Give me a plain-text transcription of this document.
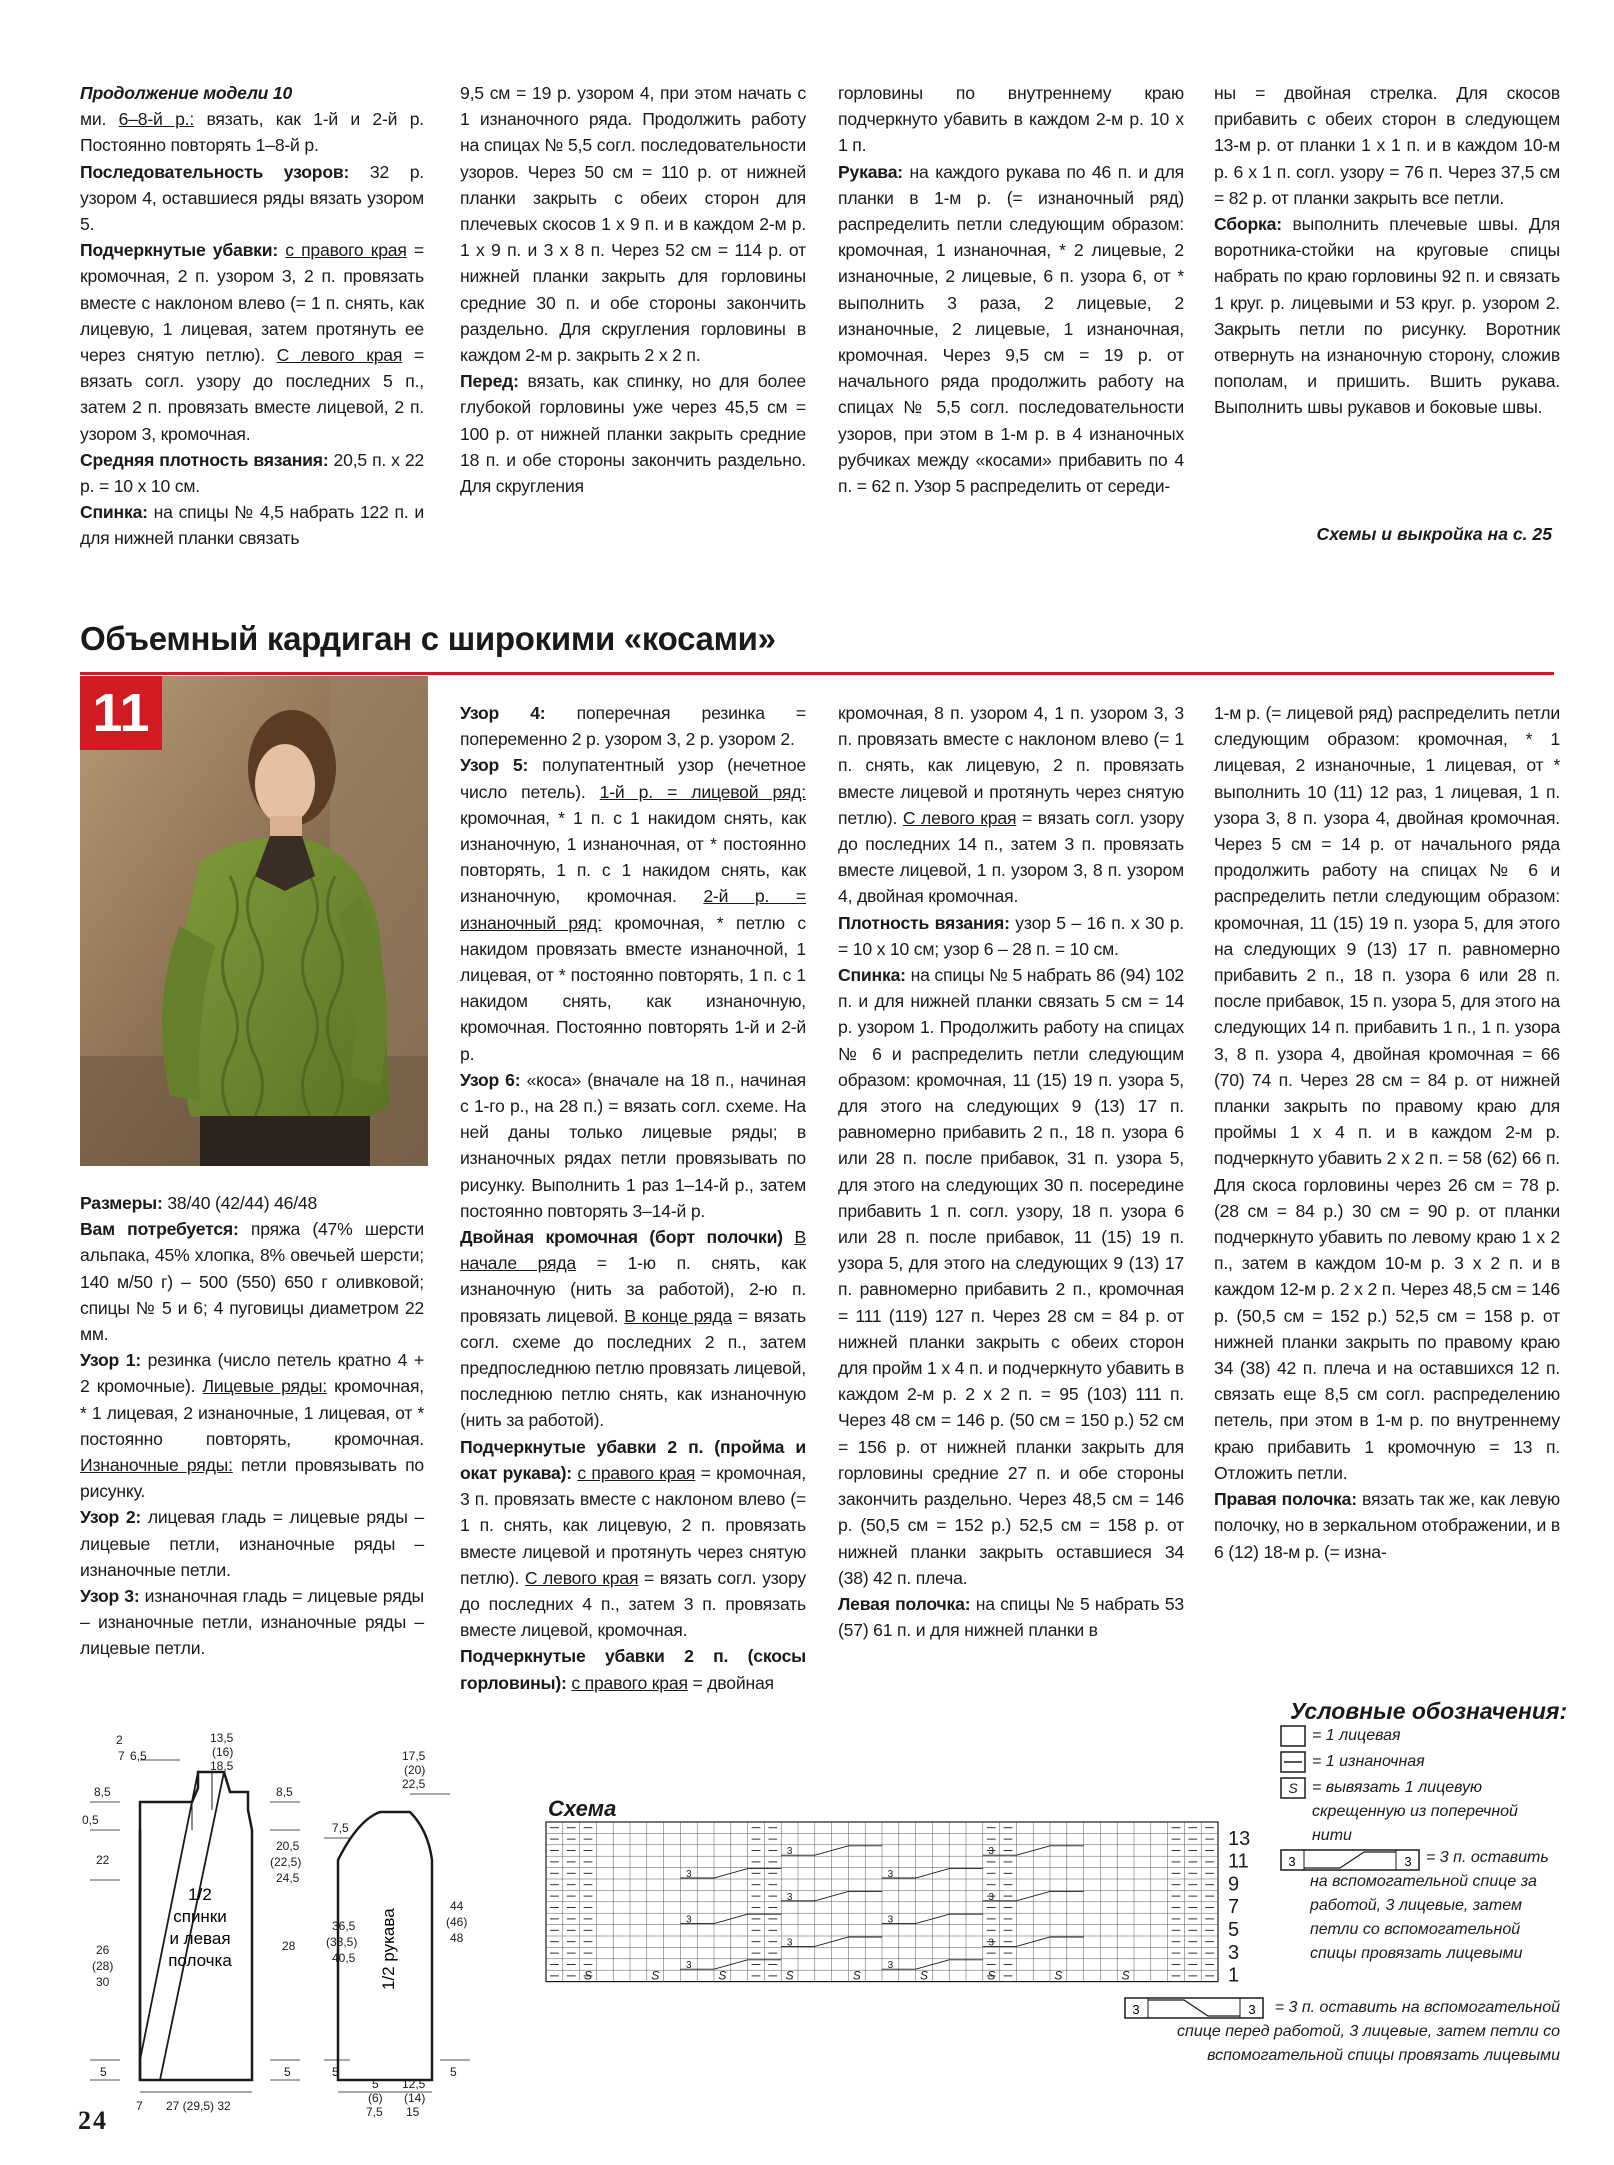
Продолжение модели 10

ми. 6–8-й р.: вязать, как 1-й и 2-й р. Постоянно повторять 1–8-й р.

Последовательность узоров: 32 р. узором 4, оставшиеся ряды вязать узором 5.

Подчеркнутые убавки: с правого края = кромочная, 2 п. узором 3, 2 п. провязать вместе с наклоном влево (= 1 п. снять, как лицевую, 1 лицевая, затем протянуть ее через снятую петлю). С левого края = вязать согл. узору до последних 5 п., затем 2 п. провязать вместе лицевой, 2 п. узором 3, кромочная.

Средняя плотность вязания: 20,5 п. х 22 р. = 10 х 10 см.

Спинка: на спицы № 4,5 набрать 122 п. и для нижней планки связать

9,5 см = 19 р. узором 4, при этом начать с 1 изнаночного ряда. Продолжить работу на спицах № 5,5 согл. последовательности узоров. Через 50 см = 110 р. от нижней планки закрыть с обеих сторон для плечевых скосов 1 х 9 п. и в каждом 2-м р. 1 х 9 п. и 3 х 8 п. Через 52 см = 114 р. от нижней планки закрыть для горловины средние 30 п. и обе стороны закончить раздельно. Для скругления горловины в каждом 2-м р. закрыть 2 х 2 п.

Перед: вязать, как спинку, но для более глубокой горловины уже через 45,5 см = 100 р. от нижней планки закрыть средние 18 п. и обе стороны закончить раздельно. Для скругления

горловины по внутреннему краю подчеркнуто убавить в каждом 2-м р. 10 х 1 п.

Рукава: на каждого рукава по 46 п. и для планки в 1-м р. (= изнаночный ряд) распределить петли следующим образом: кромочная, 1 изнаночная, * 2 лицевые, 2 изнаночные, 2 лицевые, 6 п. узора 6, от * выполнить 3 раза, 2 лицевые, 2 изнаночные, 2 лицевые, 1 изнаночная, кромочная. Через 9,5 см = 19 р. от начального ряда продолжить работу на спицах № 5,5 согл. последовательности узоров, при этом в 1-м р. в 4 изнаночных рубчиках между «косами» прибавить по 4 п. = 62 п. Узор 5 распределить от середи-

ны = двойная стрелка. Для скосов прибавить с обеих сторон в следующем 13-м р. от планки 1 х 1 п. и в каждом 10-м р. 6 х 1 п. согл. узору = 76 п. Через 37,5 см = 82 р. от планки закрыть все петли.

Сборка: выполнить плечевые швы. Для воротника-стойки на круговые спицы набрать по краю горловины 92 п. и связать 1 круг. р. лицевыми и 53 круг. р. узором 2. Закрыть петли по рисунку. Воротник отвернуть на изнаночную сторону, сложив пополам, и пришить. Вшить рукава. Выполнить швы рукавов и боковые швы.

Схемы и выкройка на с. 25
Объемный кардиган с широкими «косами»
11

Размеры: 38/40 (42/44) 46/48

Вам потребуется: пряжа (47% шерсти альпака, 45% хлопка, 8% овечьей шерсти; 140 м/50 г) – 500 (550) 650 г оливковой; спицы № 5 и 6; 4 пуговицы диаметром 22 мм.

Узор 1: резинка (число петель кратно 4 + 2 кромочные). Лицевые ряды: кромочная, * 1 лицевая, 2 изнаночные, 1 лицевая, от * постоянно повторять, кромочная. Изнаночные ряды: петли провязывать по рисунку.

Узор 2: лицевая гладь = лицевые ряды – лицевые петли, изнаночные ряды – изнаночные петли.

Узор 3: изнаночная гладь = лицевые ряды – изнаночные петли, изнаночные ряды – лицевые петли.

Узор 4: поперечная резинка = попеременно 2 р. узором 3, 2 р. узором 2.

Узор 5: полупатентный узор (нечетное число петель). 1-й р. = лицевой ряд: кромочная, * 1 п. с 1 накидом снять, как изнаночную, 1 изнаночная, от * постоянно повторять, 1 п. с 1 накидом снять, как изнаночную, кромочная. 2-й р. = изнаночный ряд: кромочная, * петлю с накидом провязать вместе изнаночной, 1 лицевая, от * постоянно повторять, 1 п. с 1 накидом снять, как изнаночную, кромочная. Постоянно повторять 1-й и 2-й р.

Узор 6: «коса» (вначале на 18 п., начиная с 1-го р., на 28 п.) = вязать согл. схеме. На ней даны только лицевые ряды; в изнаночных рядах петли провязывать по рисунку. Выполнить 1 раз 1–14-й р., затем постоянно повторять 3–14-й р.

Двойная кромочная (борт полочки) В начале ряда = 1-ю п. снять, как изнаночную (нить за работой), 2-ю п. провязать лицевой. В конце ряда = вязать согл. схеме до последних 2 п., затем предпоследнюю петлю провязать лицевой, последнюю петлю снять, как изнаночную (нить за работой).

Подчеркнутые убавки 2 п. (пройма и окат рукава): с правого края = кромочная, 3 п. провязать вместе с наклоном влево (= 1 п. снять, как лицевую, 2 п. провязать вместе лицевой и протянуть через снятую петлю). С левого края = вязать согл. узору до последних 4 п., затем 3 п. провязать вместе лицевой, кромочная.

Подчеркнутые убавки 2 п. (скосы горловины): с правого края = двойная

кромочная, 8 п. узором 4, 1 п. узором 3, 3 п. провязать вместе с наклоном влево (= 1 п. снять, как лицевую, 2 п. провязать вместе лицевой и протянуть через снятую петлю). С левого края = вязать согл. узору до последних 14 п., затем 3 п. провязать вместе лицевой, 1 п. узором 3, 8 п. узором 4, двойная кромочная.

Плотность вязания: узор 5 – 16 п. х 30 р. = 10 х 10 см; узор 6 – 28 п. = 10 см.

Спинка: на спицы № 5 набрать 86 (94) 102 п. и для нижней планки связать 5 см = 14 р. узором 1. Продолжить работу на спицах № 6 и распределить петли следующим образом: кромочная, 11 (15) 19 п. узора 5, для этого на следующих 9 (13) 17 п. равномерно прибавить 2 п., 18 п. узора 6 или 28 п. после прибавок, 31 п. узора 5, для этого на следующих 30 п. посередине прибавить 1 п. согл. узору, 18 п. узора 6 или 28 п. после прибавок, 11 (15) 19 п. узора 5, для этого на следующих 9 (13) 17 п. равномерно прибавить 2 п., кромочная = 111 (119) 127 п. Через 28 см = 84 р. от нижней планки закрыть с обеих сторон для пройм 1 х 4 п. и подчеркнуто убавить в каждом 2-м р. 2 х 2 п. = 95 (103) 111 п. Через 48 см = 146 р. (50 см = 150 р.) 52 см = 156 р. от нижней планки закрыть для горловины средние 27 п. и обе стороны закончить раздельно. Через 48,5 см = 146 р. (50,5 см = 152 р.) 52,5 см = 158 р. от нижней планки закрыть оставшиеся 34 (38) 42 п. плеча.

Левая полочка: на спицы № 5 набрать 53 (57) 61 п. и для нижней планки в

1-м р. (= лицевой ряд) распределить петли следующим образом: кромочная, * 1 лицевая, 2 изнаночные, 1 лицевая, от * выполнить 10 (11) 12 раз, 1 лицевая, 1 п. узора 3, 8 п. узора 4, двойная кромочная. Через 5 см = 14 р. от начального ряда продолжить работу на спицах № 6 и распределить петли следующим образом: кромочная, 11 (15) 19 п. узора 5, для этого на следующих 9 (13) 17 п. равномерно прибавить 2 п., 18 п. узора 6 или 28 п. после прибавок, 15 п. узора 5, для этого на следующих 14 п. прибавить 1 п., 1 п. узора 3, 8 п. узора 4, двойная кромочная = 66 (70) 74 п. Через 28 см = 84 р. от нижней планки закрыть по правому краю для проймы 1 х 4 п. и в каждом 2-м р. подчеркнуто убавить 2 х 2 п. = 58 (62) 66 п. Для скоса горловины через 26 см = 78 р. (28 см = 84 р.) 30 см = 90 р. от планки подчеркнуто убавить по левому краю 1 х 2 п., затем в каждом 10-м р. 3 х 2 п. и в каждом 12-м р. 2 х 2 п. Через 48,5 см = 146 р. (50,5 см = 152 р.) 52,5 см = 158 р. от нижней планки закрыть по правому краю 34 (38) 42 п. плеча и на оставшихся 12 п. связать еще 8,5 см согл. распределению петель, при этом в 1-м р. по внутреннему краю прибавить 1 кромочную = 13 п. Отложить петли.

Правая полочка: вязать так же, как левую полочку, но в зеркальном отображении, и в 6 (12) 18-м р. (= изна-

Условные обозначения:
S
= 1 лицевая
= 1 изнаночная
= вывязать 1 лицевую скрещенную из поперечной нити
3	3 = 3 п. оставить на вспомогательной спице за работой, 3 лицевые, затем петли со вспомогательной спицы провязать лицевыми
3	3	= 3 п. оставить на вспомогательной спице перед работой, 3 лицевые, затем петли со вспомогательной спицы провязать лицевыми
Схема
S	S	S	S	S	S	S	S	S
3	3
3	3
3	3
3	3
3	3
3	3
13
11
9
7
5
3
1
1/2
спинки
и левая
полочка
7 6,5
2	13,5
(16)
18,5
8,5
0,5
22
26
(28)
30
5
8,5
20,5
(22,5)
24,5
28
5
7 27 (29,5) 32
1/2 рукава
17,5
(20)
22,5
7,5
36,5
(38,5)
40,5
5
44
(46)
48
5
5
(6)
7,5
12,5
(14)
15
24
